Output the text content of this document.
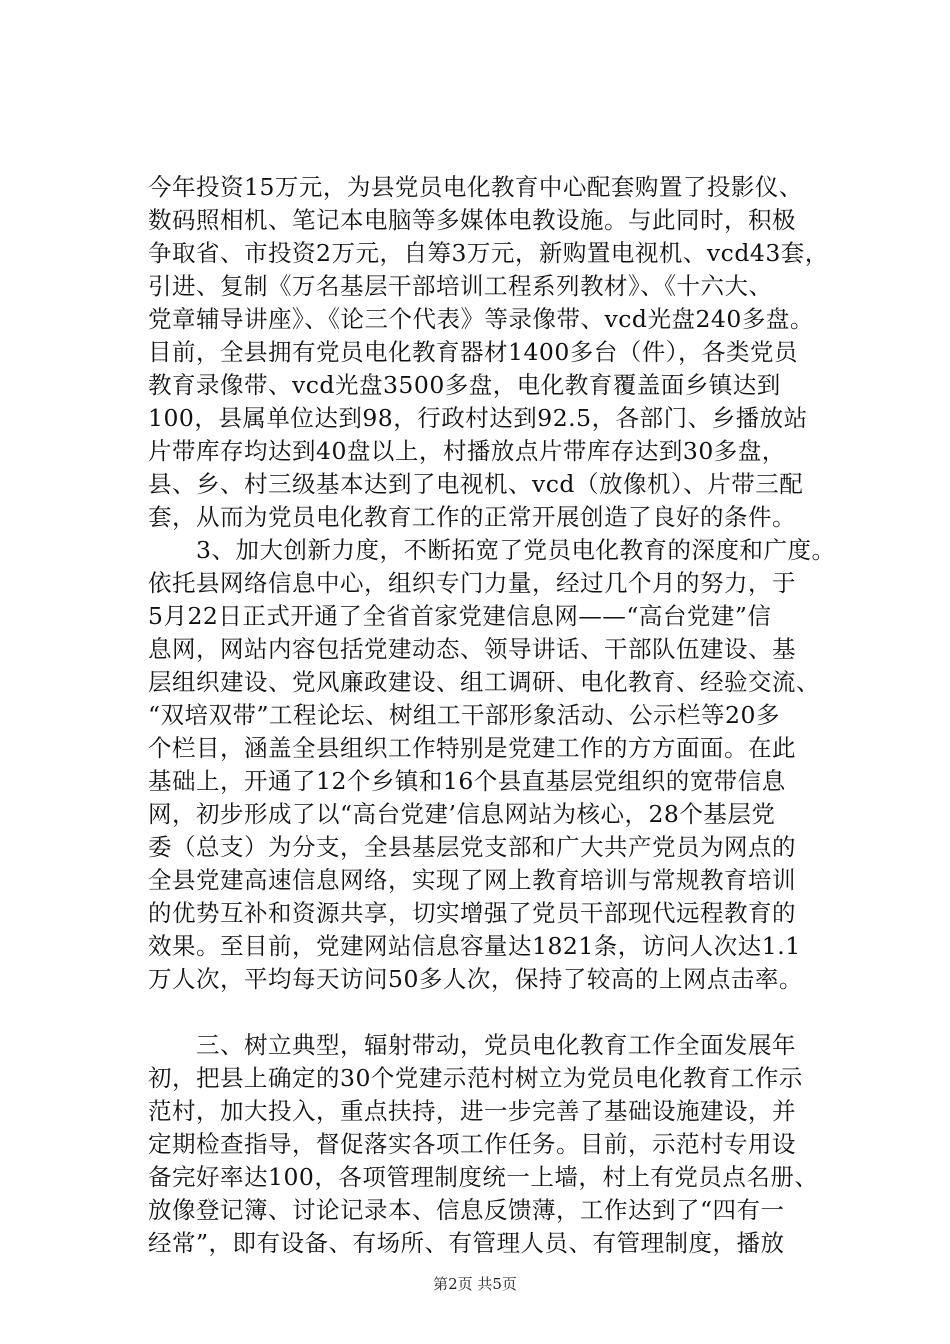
今年投资15万元，为县党员电化教育中心配套购置了投影仪、
数码照相机、笔记本电脑等多媒体电教设施。与此同时，积极
争取省、市投资2万元，自筹3万元，新购置电视机、vcd43套，
引进、复制《万名基层干部培训工程系列教材》、《十六大、
党章辅导讲座》、《论三个代表》等录像带、vcd光盘240多盘。
目前，全县拥有党员电化教育器材1400多台（件），各类党员
教育录像带、vcd光盘3500多盘，电化教育覆盖面乡镇达到
100，县属单位达到98，行政村达到92.5，各部门、乡播放站
片带库存均达到40盘以上，村播放点片带库存达到30多盘，
县、乡、村三级基本达到了电视机、vcd（放像机）、片带三配
套，从而为党员电化教育工作的正常开展创造了良好的条件。
　　3、加大创新力度，不断拓宽了党员电化教育的深度和广度。
依托县网络信息中心，组织专门力量，经过几个月的努力，于
5月22日正式开通了全省首家党建信息网——“高台党建”信
息网，网站内容包括党建动态、领导讲话、干部队伍建设、基
层组织建设、党风廉政建设、组工调研、电化教育、经验交流、
“双培双带”工程论坛、树组工干部形象活动、公示栏等20多
个栏目，涵盖全县组织工作特别是党建工作的方方面面。在此
基础上，开通了12个乡镇和16个县直基层党组织的宽带信息
网，初步形成了以“高台党建’信息网站为核心，28个基层党
委（总支）为分支，全县基层党支部和广大共产党员为网点的
全县党建高速信息网络，实现了网上教育培训与常规教育培训
的优势互补和资源共享，切实增强了党员干部现代远程教育的
效果。至目前，党建网站信息容量达1821条，访问人次达1.1
万人次，平均每天访问50多人次，保持了较高的上网点击率。
　　三、树立典型，辐射带动，党员电化教育工作全面发展年
初，把县上确定的30个党建示范村树立为党员电化教育工作示
范村，加大投入，重点扶持，进一步完善了基础设施建设，并
定期检查指导，督促落实各项工作任务。目前，示范村专用设
备完好率达100，各项管理制度统一上墙，村上有党员点名册、
放像登记簿、讨论记录本、信息反馈薄，工作达到了“四有一
经常”，即有设备、有场所、有管理人员、有管理制度，播放
第2页 共5页
